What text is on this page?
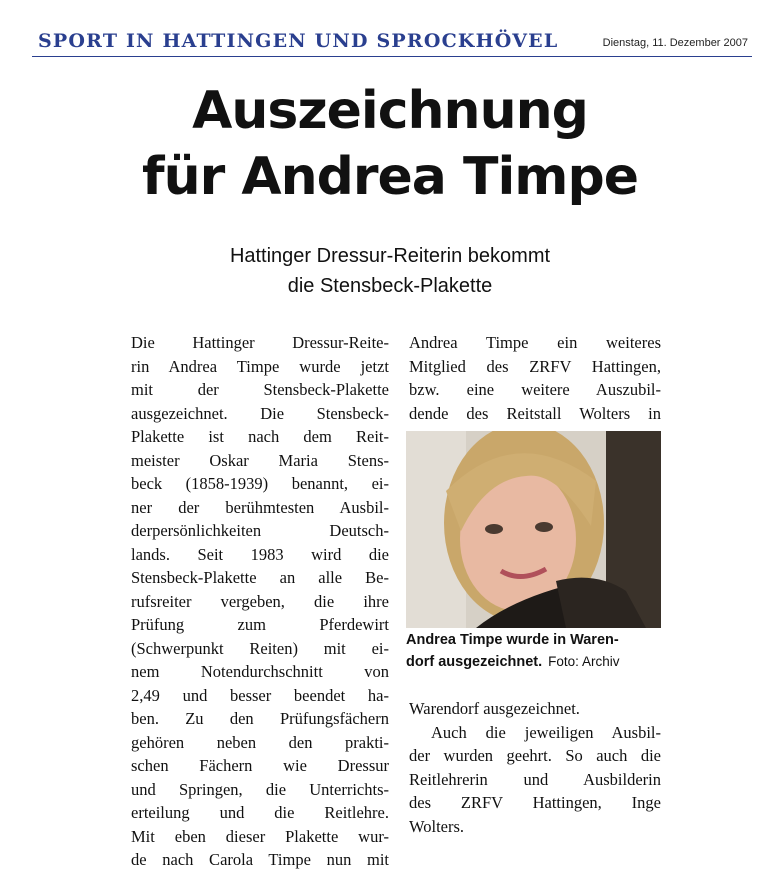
SPORT IN HATTINGEN UND SPROCKHÖVEL	Dienstag, 11. Dezember 2007
Auszeichnung
für Andrea Timpe
Hattinger Dressur-Reiterin bekommt
die Stensbeck-Plakette
Die Hattinger Dressur-Reite-
rin Andrea Timpe wurde jetzt
mit der Stensbeck-Plakette
ausgezeichnet. Die Stensbeck-
Plakette ist nach dem Reit-
meister Oskar Maria Stens-
beck (1858-1939) benannt, ei-
ner der berühmtesten Ausbil-
derpersönlichkeiten Deutsch-
lands. Seit 1983 wird die
Stensbeck-Plakette an alle Be-
rufsreiter vergeben, die ihre
Prüfung zum Pferdewirt
(Schwerpunkt Reiten) mit ei-
nem Notendurchschnitt von
2,49 und besser beendet ha-
ben. Zu den Prüfungsfächern
gehören neben den prakti-
schen Fächern wie Dressur
und Springen, die Unterrichts-
erteilung und die Reitlehre.
Mit eben dieser Plakette wur-
de nach Carola Timpe nun mit
Andrea Timpe ein weiteres
Mitglied des ZRFV Hattingen,
bzw. eine weitere Auszubil-
dende des Reitstall Wolters in
Andrea Timpe wurde in Waren-
dorf ausgezeichnet. Foto: Archiv
Warendorf ausgezeichnet.
Auch die jeweiligen Ausbil-
der wurden geehrt. So auch die
Reitlehrerin und Ausbilderin
des ZRFV Hattingen, Inge
Wolters.
